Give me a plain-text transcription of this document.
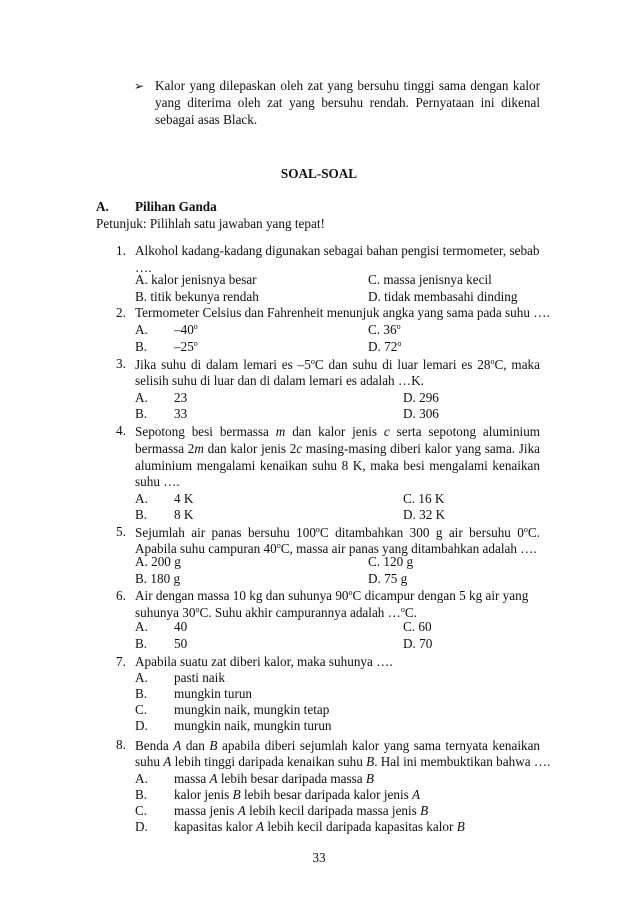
➢ Kalor yang dilepaskan oleh zat yang bersuhu tinggi sama dengan kalor yang diterima oleh zat yang bersuhu rendah. Pernyataan ini dikenal sebagai asas Black.
SOAL-SOAL
A. Pilihan Ganda
Petunjuk: Pilihlah satu jawaban yang tepat!
1. Alkohol kadang-kadang digunakan sebagai bahan pengisi termometer, sebab
….
A. kalor jenisnya besar	C. massa jenisnya kecil
B. titik bekunya rendah	D. tidak membasahi dinding
2. Termometer Celsius dan Fahrenheit menunjuk angka yang sama pada suhu ….
A. –40$^o$	C. 36$^o$
B. –25$^o$	D. 72$^o$
3. Jika suhu di dalam lemari es –5$^o$C dan suhu di luar lemari es 28$^o$C, maka
selisih suhu di luar dan di dalam lemari es adalah …K.
A. 23	D. 296
B. 33	D. 306
4. Sepotong besi bermassa m dan kalor jenis c serta sepotong aluminium
bermassa 2m dan kalor jenis 2c masing-masing diberi kalor yang sama. Jika
aluminium mengalami kenaikan suhu 8 K, maka besi mengalami kenaikan
suhu ….
A. 4 K	C. 16 K
B. 8 K	D. 32 K
5. Sejumlah air panas bersuhu 100$^o$C ditambahkan 300 g air bersuhu 0$^o$C.
Apabila suhu campuran 40$^o$C, massa air panas yang ditambahkan adalah ….
A. 200 g	C. 120 g
B. 180 g	D. 75 g
6. Air dengan massa 10 kg dan suhunya 90$^o$C dicampur dengan 5 kg air yang
suhunya 30$^o$C. Suhu akhir campurannya adalah …$^o$C.
A. 40	C. 60
B. 50	D. 70
7. Apabila suatu zat diberi kalor, maka suhunya ….
A. pasti naik
B. mungkin turun
C. mungkin naik, mungkin tetap
D. mungkin naik, mungkin turun
8. Benda A dan B apabila diberi sejumlah kalor yang sama ternyata kenaikan
suhu A lebih tinggi daripada kenaikan suhu B. Hal ini membuktikan bahwa ….
A. massa A lebih besar daripada massa B
B. kalor jenis B lebih besar daripada kalor jenis A
C. massa jenis A lebih kecil daripada massa jenis B
D. kapasitas kalor A lebih kecil daripada kapasitas kalor B
33
